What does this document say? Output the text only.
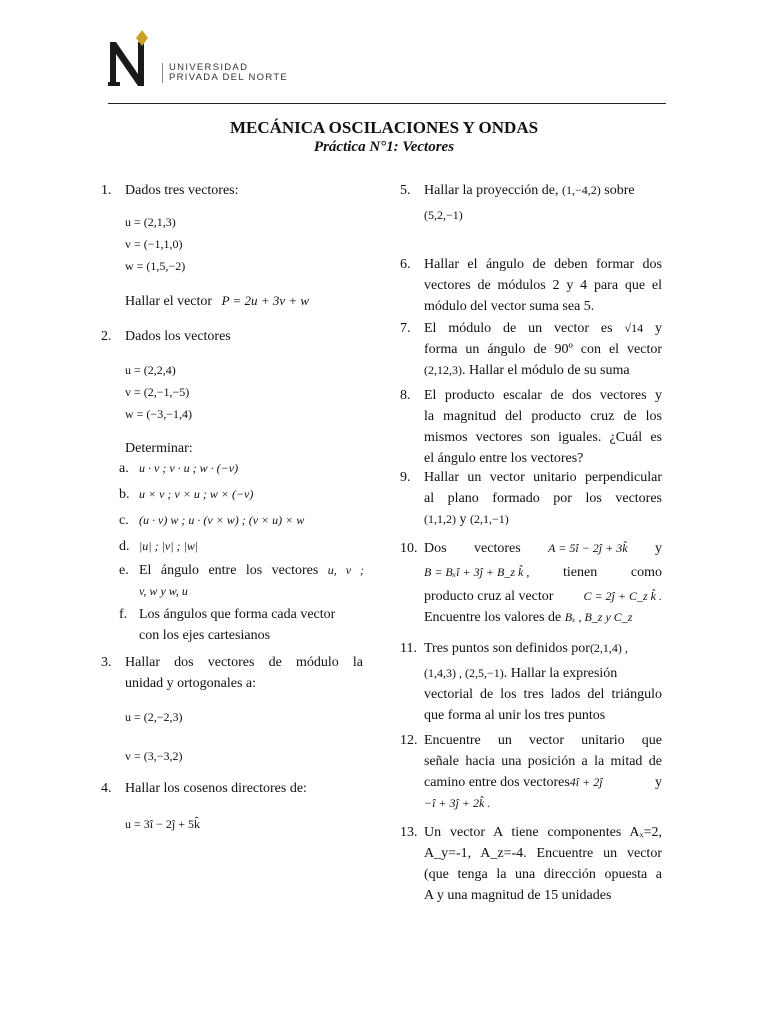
UNIVERSIDAD
PRIVADA DEL NORTE
MECÁNICA OSCILACIONES Y ONDAS
Práctica N°1: Vectores
1. Dados tres vectores:
u = (2,1,3)
v = (−1,1,0)
w = (1,5,−2)
Hallar el vector P = 2u + 3v + w
2. Dados los vectores
u = (2,2,4)
v = (2,−1,−5)
w = (−3,−1,4)
Determinar:
a. u · v ; v · u ; w · (−v)
b. u × v ; v × u ; w × (−v)
c. (u · v) w ; u · (v × w) ; (v × u) × w
d. |u| ; |v| ; |w|
e. El ángulo entre los vectores u, v ;
v, w y w, u
f. Los ángulos que forma cada vector
con los ejes cartesianos
3. Hallar dos vectores de módulo la
unidad y ortogonales a:
u = (2,−2,3)
v = (3,−3,2)
4. Hallar los cosenos directores de:
u = 3î − 2ĵ + 5k̂
5. Hallar la proyección de, (1,−4,2) sobre
(5,2,−1)
6. Hallar el ángulo de deben formar dos
vectores de módulos 2 y 4 para que el
módulo del vector suma sea 5.
7. El módulo de un vector es √14 y
forma un ángulo de 90º con el vector
(2,12,3). Hallar el módulo de su suma
8. El producto escalar de dos vectores y
la magnitud del producto cruz de los
mismos vectores son iguales. ¿Cuál es
el ángulo entre los vectores?
9. Hallar un vector unitario perpendicular
al plano formado por los vectores
(1,1,2) y (2,1,−1)
10. Dos vectores A = 5î − 2ĵ + 3k̂ y
B = Bₓî + 3ĵ + B_z k̂ , tienen como
producto cruz al vector	C = 2ĵ + C_z k̂ .
Encuentre los valores de Bₓ , B_z y C_z
11. Tres puntos son definidos por(2,1,4) ,
(1,4,3) , (2,5,−1). Hallar la expresión
vectorial de los tres lados del triángulo
que forma al unir los tres puntos
12. Encuentre un vector unitario que
señale hacia una posición a la mitad de
camino entre dos vectores4î + 2ĵ	y
−î + 3ĵ + 2k̂ .
13. Un vector A tiene componentes Aₓ=2,
A_y=-1, A_z=-4. Encuentre un vector
(que tenga la una dirección opuesta a
A y una magnitud de 15 unidades
